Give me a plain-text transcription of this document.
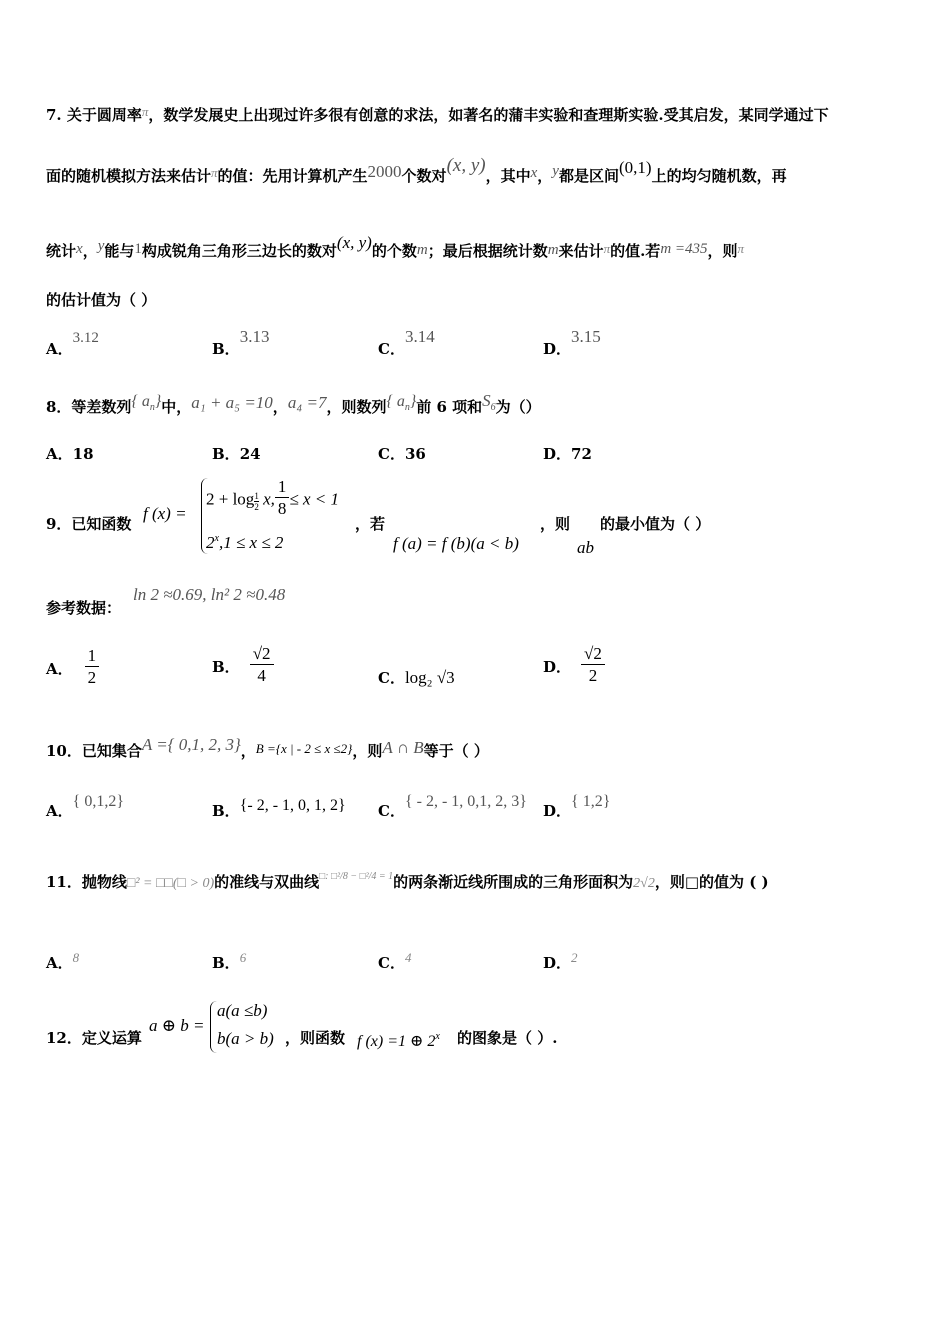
7. 关于圆周率π，数学发展史上出现过许多很有创意的求法，如著名的蒲丰实验和查理斯实验.受其启发，某同学通过下
面的随机模拟方法来估计π的值：先用计算机产生2000个数对(x, y)，其中x，y都是区间(0,1)上的均匀随机数，再
统计x，y能与1构成锐角三角形三边长的数对(x, y)的个数m；最后根据统计数m来估计π的值.若m =435，则π
的估计值为（ ）
A．3.12
B．3.13
C．3.14
D．3.15
8．等差数列{ $a_n$}中，a₁ + a₅ =10，a₄ =7，则数列{ $a_n$}前 6 项和$S_6$为（）
A．18	B．24	C．36	D．72
9．已知函数
f (x) =
$2 + \log \frac{1}{2} x$, $\frac{1}{8} \le x < 1$
$2^x,1 \le x \le 2$
，若
f (a) = f (b)(a < b)
，则
ab
的最小值为（ ）
参考数据：
ln 2 ≈0.69, ln² 2 ≈0.48
A． $\frac{1}{2}$	B． $\frac{√2}{4}$	C．log₂ √3
D． $\frac{√2}{2}$
10．已知集合A ={ 0,1, 2, 3}，B ={x | - 2 ≤ x ≤2}，则A ∩ B等于（ ）
A．{ 0,1,2}
B．{- 2, - 1, 0, 1, 2} C．{ - 2, - 1, 0,1, 2, 3}
D．{ 1,2}
11．抛物线□² = □□(□ > 0)的准线与双曲线$^{□: □^2/8 - □^2/4 = 1}$的两条渐近线所围成的三角形面积为2√2，则□的值为 ( )
A．8	B．6	C．4	D．2
12．定义运算
a ⊕ b =
a(a ≤b)
b(a > b) ，则函数 f (x) =1 ⊕ 2$^x$ 的图象是（ ）.
